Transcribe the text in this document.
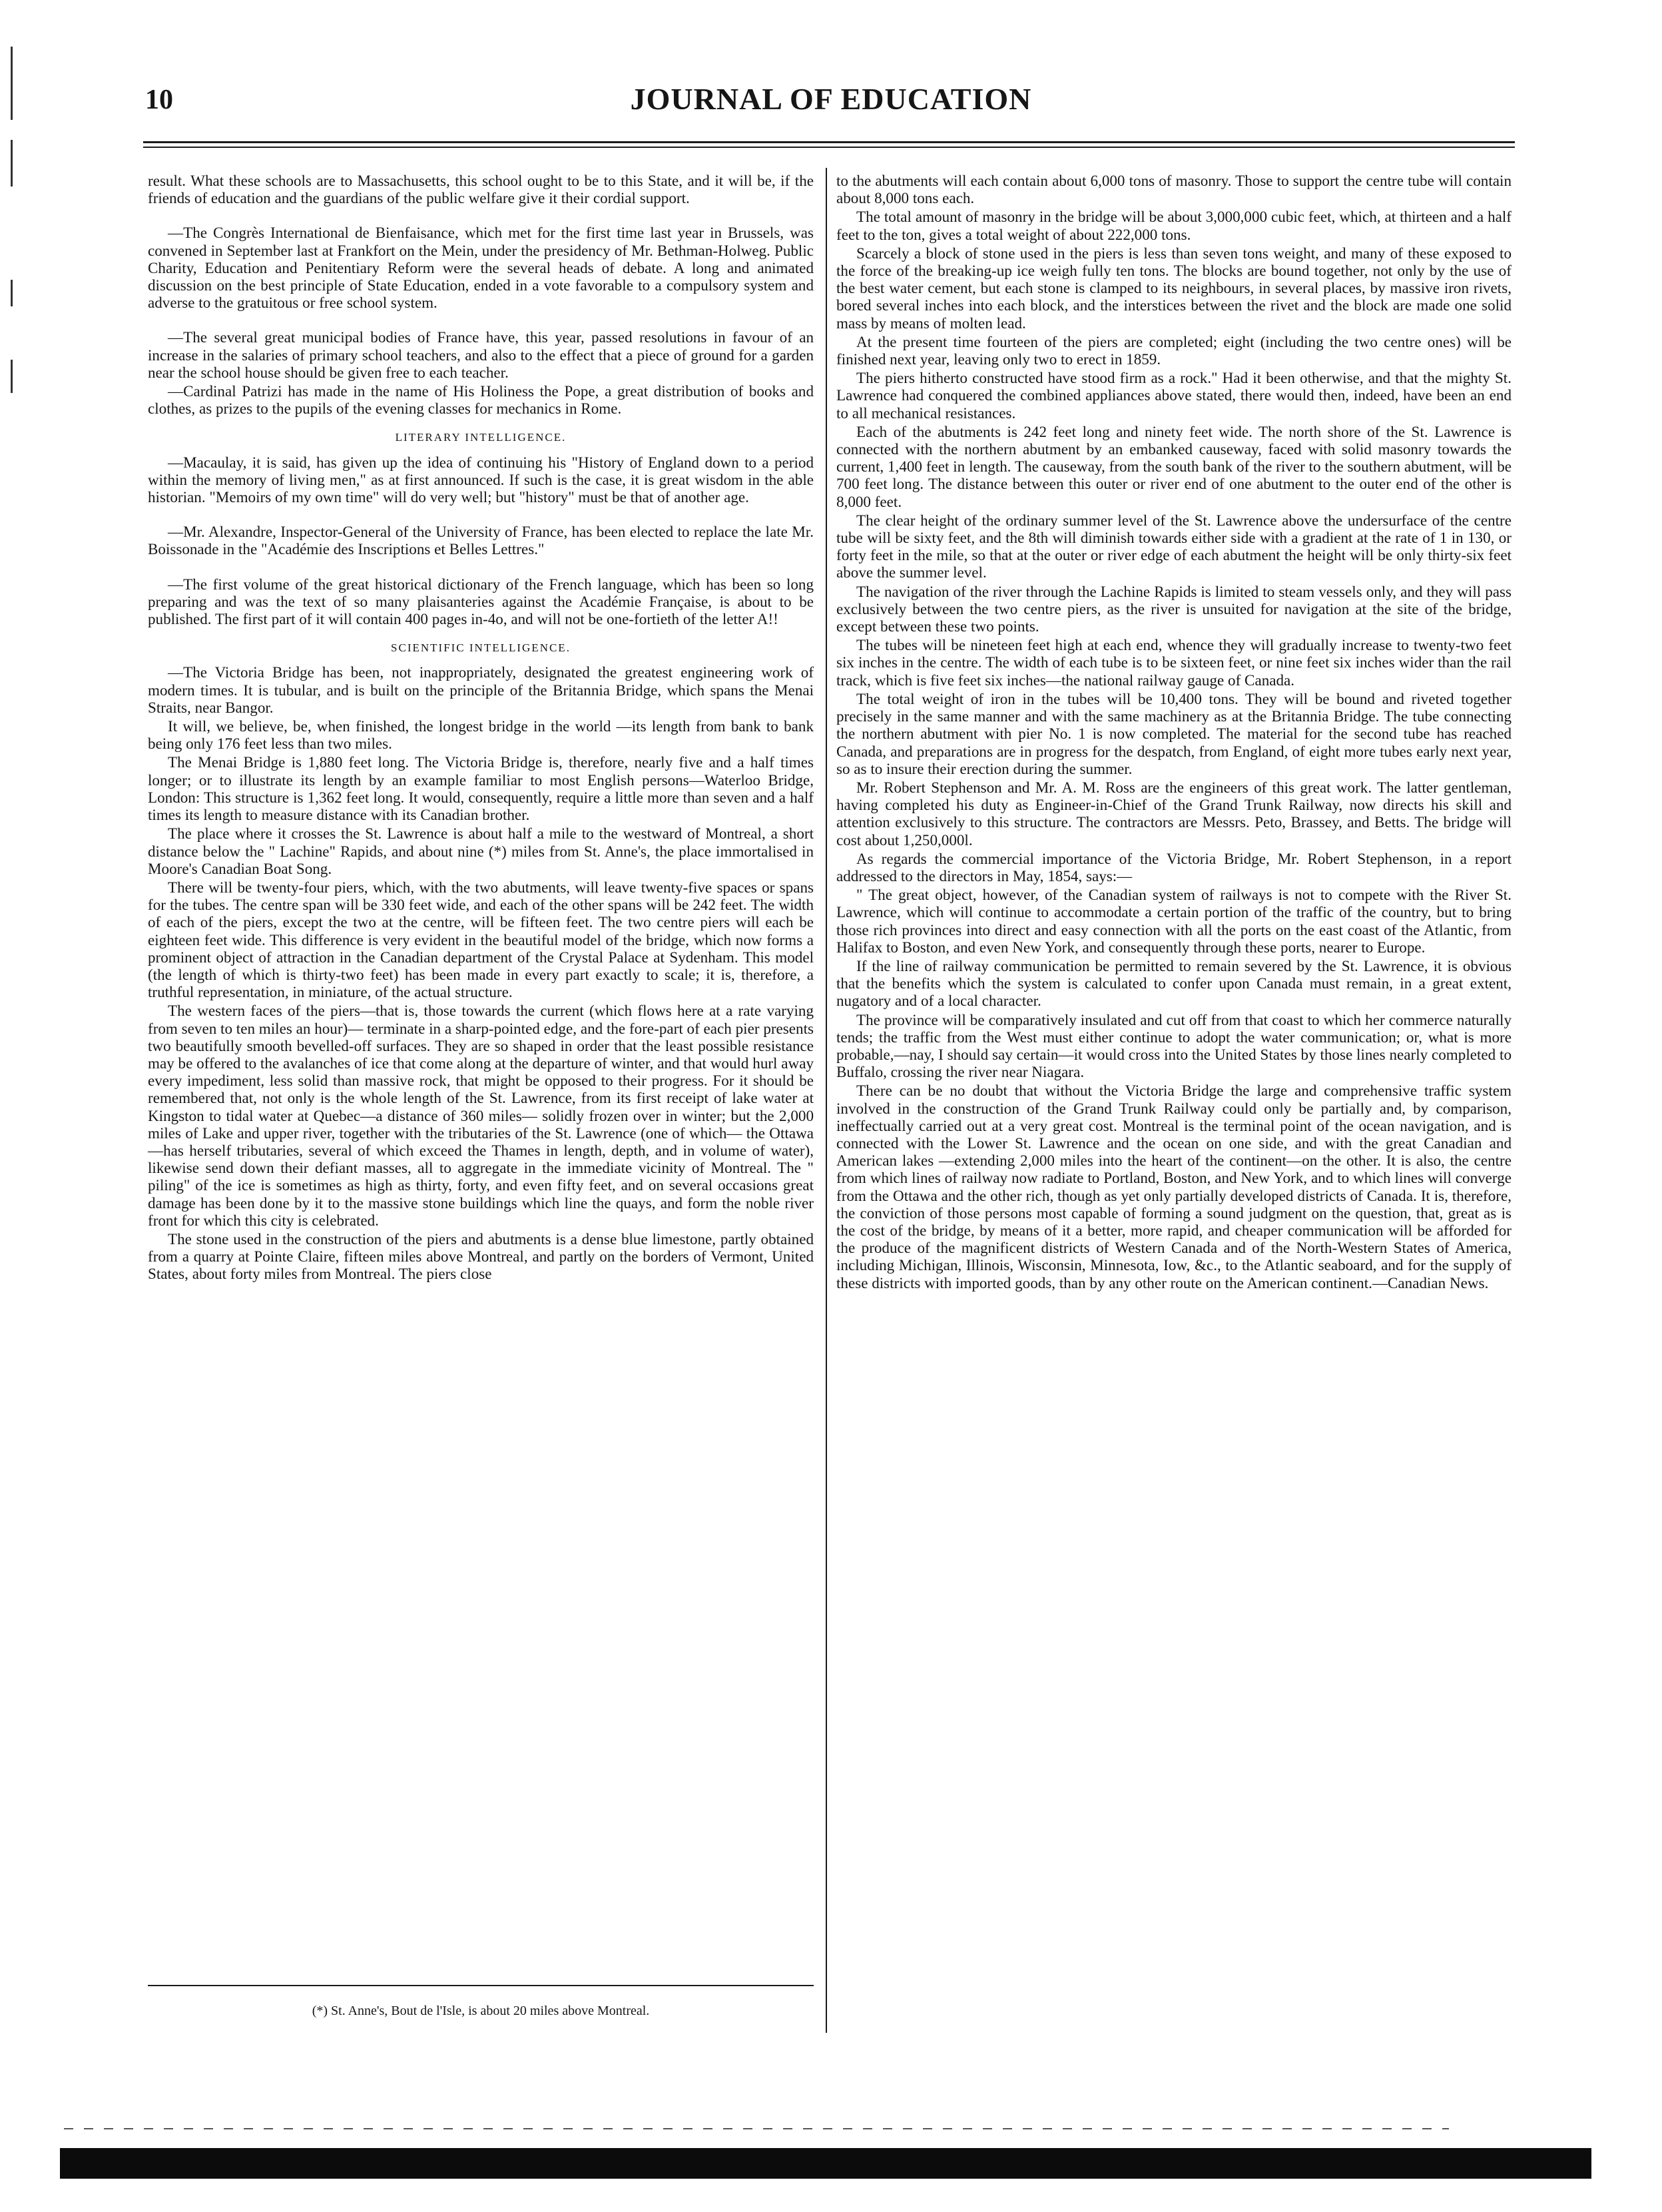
10	JOURNAL OF EDUCATION

result. What these schools are to Massachusetts, this school ought to be to this State, and it will be, if the friends of education and the guardians of the public welfare give it their cordial support.

—The Congrès International de Bienfaisance, which met for the first time last year in Brussels, was convened in September last at Frankfort on the Mein, under the presidency of Mr. Bethman-Holweg. Public Charity, Education and Penitentiary Reform were the several heads of debate. A long and animated discussion on the best principle of State Education, ended in a vote favorable to a compulsory system and adverse to the gratuitous or free school system.

—The several great municipal bodies of France have, this year, passed resolutions in favour of an increase in the salaries of primary school teachers, and also to the effect that a piece of ground for a garden near the school house should be given free to each teacher.

—Cardinal Patrizi has made in the name of His Holiness the Pope, a great distribution of books and clothes, as prizes to the pupils of the evening classes for mechanics in Rome.

LITERARY INTELLIGENCE.

—Macaulay, it is said, has given up the idea of continuing his "History of England down to a period within the memory of living men," as at first announced. If such is the case, it is great wisdom in the able historian. "Memoirs of my own time" will do very well; but "history" must be that of another age.

—Mr. Alexandre, Inspector-General of the University of France, has been elected to replace the late Mr. Boissonade in the "Académie des Inscriptions et Belles Lettres."

—The first volume of the great historical dictionary of the French language, which has been so long preparing and was the text of so many plaisanteries against the Académie Française, is about to be published. The first part of it will contain 400 pages in-4o, and will not be one-fortieth of the letter A!!

SCIENTIFIC INTELLIGENCE.

—The Victoria Bridge has been, not inappropriately, designated the greatest engineering work of modern times. It is tubular, and is built on the principle of the Britannia Bridge, which spans the Menai Straits, near Bangor.

It will, we believe, be, when finished, the longest bridge in the world —its length from bank to bank being only 176 feet less than two miles.

The Menai Bridge is 1,880 feet long. The Victoria Bridge is, therefore, nearly five and a half times longer; or to illustrate its length by an example familiar to most English persons—Waterloo Bridge, London: This structure is 1,362 feet long. It would, consequently, require a little more than seven and a half times its length to measure distance with its Canadian brother.

The place where it crosses the St. Lawrence is about half a mile to the westward of Montreal, a short distance below the " Lachine" Rapids, and about nine (*) miles from St. Anne's, the place immortalised in Moore's Canadian Boat Song.

There will be twenty-four piers, which, with the two abutments, will leave twenty-five spaces or spans for the tubes. The centre span will be 330 feet wide, and each of the other spans will be 242 feet. The width of each of the piers, except the two at the centre, will be fifteen feet. The two centre piers will each be eighteen feet wide. This difference is very evident in the beautiful model of the bridge, which now forms a prominent object of attraction in the Canadian department of the Crystal Palace at Sydenham. This model (the length of which is thirty-two feet) has been made in every part exactly to scale; it is, therefore, a truthful representation, in miniature, of the actual structure.

The western faces of the piers—that is, those towards the current (which flows here at a rate varying from seven to ten miles an hour)— terminate in a sharp-pointed edge, and the fore-part of each pier presents two beautifully smooth bevelled-off surfaces. They are so shaped in order that the least possible resistance may be offered to the avalanches of ice that come along at the departure of winter, and that would hurl away every impediment, less solid than massive rock, that might be opposed to their progress. For it should be remembered that, not only is the whole length of the St. Lawrence, from its first receipt of lake water at Kingston to tidal water at Quebec—a distance of 360 miles— solidly frozen over in winter; but the 2,000 miles of Lake and upper river, together with the tributaries of the St. Lawrence (one of which— the Ottawa—has herself tributaries, several of which exceed the Thames in length, depth, and in volume of water), likewise send down their defiant masses, all to aggregate in the immediate vicinity of Montreal. The " piling" of the ice is sometimes as high as thirty, forty, and even fifty feet, and on several occasions great damage has been done by it to the massive stone buildings which line the quays, and form the noble river front for which this city is celebrated.

The stone used in the construction of the piers and abutments is a dense blue limestone, partly obtained from a quarry at Pointe Claire, fifteen miles above Montreal, and partly on the borders of Vermont, United States, about forty miles from Montreal. The piers close

(*) St. Anne's, Bout de l'Isle, is about 20 miles above Montreal.

to the abutments will each contain about 6,000 tons of masonry. Those to support the centre tube will contain about 8,000 tons each.

The total amount of masonry in the bridge will be about 3,000,000 cubic feet, which, at thirteen and a half feet to the ton, gives a total weight of about 222,000 tons.

Scarcely a block of stone used in the piers is less than seven tons weight, and many of these exposed to the force of the breaking-up ice weigh fully ten tons. The blocks are bound together, not only by the use of the best water cement, but each stone is clamped to its neighbours, in several places, by massive iron rivets, bored several inches into each block, and the interstices between the rivet and the block are made one solid mass by means of molten lead.

At the present time fourteen of the piers are completed; eight (including the two centre ones) will be finished next year, leaving only two to erect in 1859.

The piers hitherto constructed have stood firm as a rock." Had it been otherwise, and that the mighty St. Lawrence had conquered the combined appliances above stated, there would then, indeed, have been an end to all mechanical resistances.

Each of the abutments is 242 feet long and ninety feet wide. The north shore of the St. Lawrence is connected with the northern abutment by an embanked causeway, faced with solid masonry towards the current, 1,400 feet in length. The causeway, from the south bank of the river to the southern abutment, will be 700 feet long. The distance between this outer or river end of one abutment to the outer end of the other is 8,000 feet.

The clear height of the ordinary summer level of the St. Lawrence above the undersurface of the centre tube will be sixty feet, and the 8th will diminish towards either side with a gradient at the rate of 1 in 130, or forty feet in the mile, so that at the outer or river edge of each abutment the height will be only thirty-six feet above the summer level.

The navigation of the river through the Lachine Rapids is limited to steam vessels only, and they will pass exclusively between the two centre piers, as the river is unsuited for navigation at the site of the bridge, except between these two points.

The tubes will be nineteen feet high at each end, whence they will gradually increase to twenty-two feet six inches in the centre. The width of each tube is to be sixteen feet, or nine feet six inches wider than the rail track, which is five feet six inches—the national railway gauge of Canada.

The total weight of iron in the tubes will be 10,400 tons. They will be bound and riveted together precisely in the same manner and with the same machinery as at the Britannia Bridge. The tube connecting the northern abutment with pier No. 1 is now completed. The material for the second tube has reached Canada, and preparations are in progress for the despatch, from England, of eight more tubes early next year, so as to insure their erection during the summer.

Mr. Robert Stephenson and Mr. A. M. Ross are the engineers of this great work. The latter gentleman, having completed his duty as Engineer-in-Chief of the Grand Trunk Railway, now directs his skill and attention exclusively to this structure. The contractors are Messrs. Peto, Brassey, and Betts. The bridge will cost about 1,250,000l.

As regards the commercial importance of the Victoria Bridge, Mr. Robert Stephenson, in a report addressed to the directors in May, 1854, says:—

" The great object, however, of the Canadian system of railways is not to compete with the River St. Lawrence, which will continue to accommodate a certain portion of the traffic of the country, but to bring those rich provinces into direct and easy connection with all the ports on the east coast of the Atlantic, from Halifax to Boston, and even New York, and consequently through these ports, nearer to Europe.

If the line of railway communication be permitted to remain severed by the St. Lawrence, it is obvious that the benefits which the system is calculated to confer upon Canada must remain, in a great extent, nugatory and of a local character.

The province will be comparatively insulated and cut off from that coast to which her commerce naturally tends; the traffic from the West must either continue to adopt the water communication; or, what is more probable,—nay, I should say certain—it would cross into the United States by those lines nearly completed to Buffalo, crossing the river near Niagara.

There can be no doubt that without the Victoria Bridge the large and comprehensive traffic system involved in the construction of the Grand Trunk Railway could only be partially and, by comparison, ineffectually carried out at a very great cost. Montreal is the terminal point of the ocean navigation, and is connected with the Lower St. Lawrence and the ocean on one side, and with the great Canadian and American lakes —extending 2,000 miles into the heart of the continent—on the other. It is also, the centre from which lines of railway now radiate to Portland, Boston, and New York, and to which lines will converge from the Ottawa and the other rich, though as yet only partially developed districts of Canada. It is, therefore, the conviction of those persons most capable of forming a sound judgment on the question, that, great as is the cost of the bridge, by means of it a better, more rapid, and cheaper communication will be afforded for the produce of the magnificent districts of Western Canada and of the North-Western States of America, including Michigan, Illinois, Wisconsin, Minnesota, Iow, &c., to the Atlantic seaboard, and for the supply of these districts with imported goods, than by any other route on the American continent.—Canadian News.
